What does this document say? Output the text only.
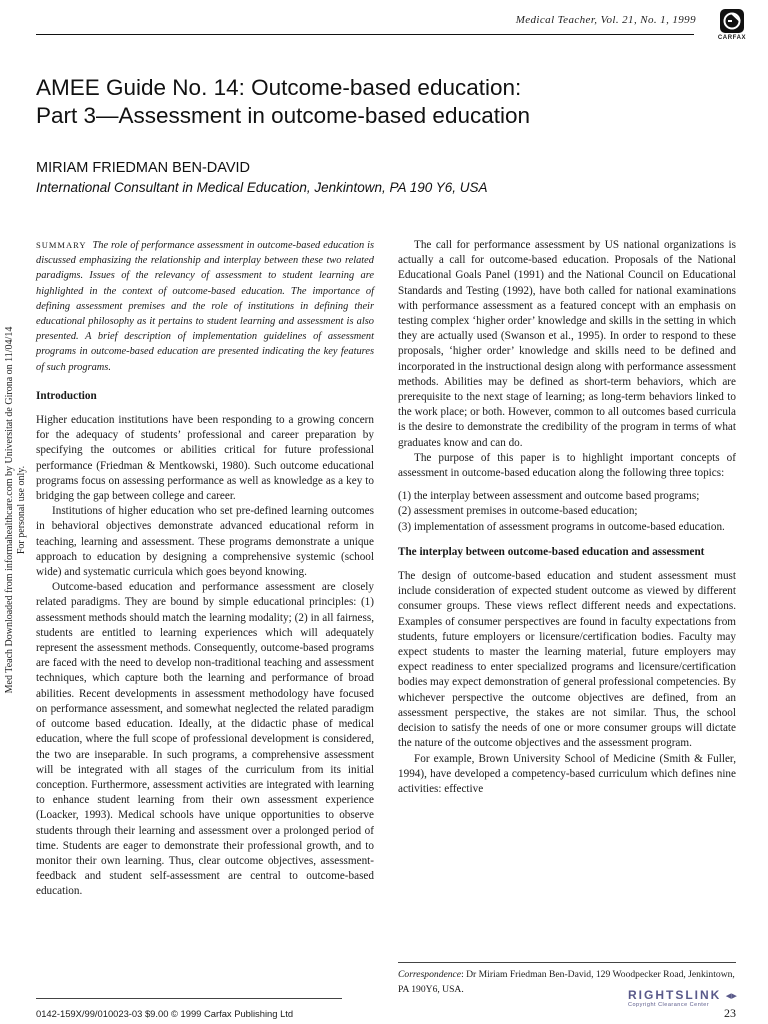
Medical Teacher, Vol. 21, No. 1, 1999
CARFAX
AMEE Guide No. 14: Outcome-based education:
Part 3—Assessment in outcome-based education

MIRIAM FRIEDMAN BEN-DAVID

International Consultant in Medical Education, Jenkintown, PA 190 Y6, USA

Med Teach Downloaded from informahealthcare.com by Universitat de Girona on 11/04/14 For personal use only.

SUMMARY The role of performance assessment in outcome-based education is discussed emphasizing the relationship and interplay between these two related paradigms. Issues of the relevancy of assessment to student learning are highlighted in the context of outcome-based education. The importance of defining assessment premises and the role of institutions in defining their educational philosophy as it pertains to student learning and assessment is also presented. A brief description of implementation guidelines of assessment programs in outcome-based education are presented indicating the key features of such programs.

Introduction

Higher education institutions have been responding to a growing concern for the adequacy of students’ professional and career preparation by specifying the outcomes or abilities critical for future professional performance (Friedman & Mentkowski, 1980). Such outcome educational programs focus on assessing performance as well as knowledge as a key to bridging the gap between college and career.

Institutions of higher education who set pre-defined learning outcomes in behavioral objectives demonstrate advanced educational reform in teaching, learning and assessment. These programs demonstrate a unique approach to education by designing a comprehensive systemic (school wide) and systematic curricula which goes beyond knowing.

Outcome-based education and performance assessment are closely related paradigms. They are bound by simple educational principles: (1) assessment methods should match the learning modality; (2) in all fairness, students are entitled to learning experiences which will adequately represent the assessment methods. Consequently, outcome-based programs are faced with the need to develop non-traditional teaching and assessment techniques, which capture both the learning and performance of broad abilities. Recent developments in assessment methodology have focused on performance assessment, and somewhat neglected the related paradigm of outcome based education. Ideally, at the didactic phase of medical education, where the full scope of professional development is considered, the two are inseparable. In such programs, a comprehensive assessment will be integrated with all stages of the curriculum from its initial conception. Furthermore, assessment activities are integrated with learning to enhance student learning from their own assessment experience (Loacker, 1993). Medical schools have unique opportunities to observe students through their learning and assessment over a prolonged period of time. Students are eager to demonstrate their professional growth, and to monitor their own learning. Thus, clear outcome objectives, assessment-feedback and student self-assessment are central to outcome-based education.

The call for performance assessment by US national organizations is actually a call for outcome-based education. Proposals of the National Educational Goals Panel (1991) and the National Council on Educational Standards and Testing (1992), have both called for national examinations with performance assessment as a featured concept with an emphasis on testing complex ‘higher order’ knowledge and skills in the setting in which they are actually used (Swanson et al., 1995). In order to respond to these proposals, ‘higher order’ knowledge and skills need to be defined and incorporated in the instructional design along with performance assessment methods. Abilities may be defined as short-term behaviors, which are prerequisite to the next stage of learning; as long-term behaviors linked to the work place; or both. However, common to all outcomes based curricula is the desire to demonstrate the credibility of the program in terms of what graduates know and can do.

The purpose of this paper is to highlight important concepts of assessment in outcome-based education along the following three topics:

(1) the interplay between assessment and outcome based programs;
(2) assessment premises in outcome-based education;
(3) implementation of assessment programs in outcome-based education.

The interplay between outcome-based education and assessment

The design of outcome-based education and student assessment must include consideration of expected student outcome as viewed by different consumer groups. These views reflect different needs and expectations. Examples of consumer perspectives are found in faculty expectations from students, future employers or licensure/certification bodies. Faculty may expect students to master the learning material, future employers may expect readiness to enter specialized programs and licensure/certification bodies may expect demonstration of general professional competencies. By whichever perspective the outcome objectives are defined, from an assessment perspective, the stakes are not similar. Thus, the school decision to satisfy the needs of one or more consumer groups will dictate the nature of the outcome objectives and the assessment program.

For example, Brown University School of Medicine (Smith & Fuller, 1994), have developed a competency-based curriculum which defines nine activities: effective

Correspondence: Dr Miriam Friedman Ben-David, 129 Woodpecker Road, Jenkintown, PA 190Y6, USA.
0142-159X/99/010023-03 $9.00 © 1999 Carfax Publishing Ltd
RIGHTSLINK ◂▸
Copyright Clearance Center
23
